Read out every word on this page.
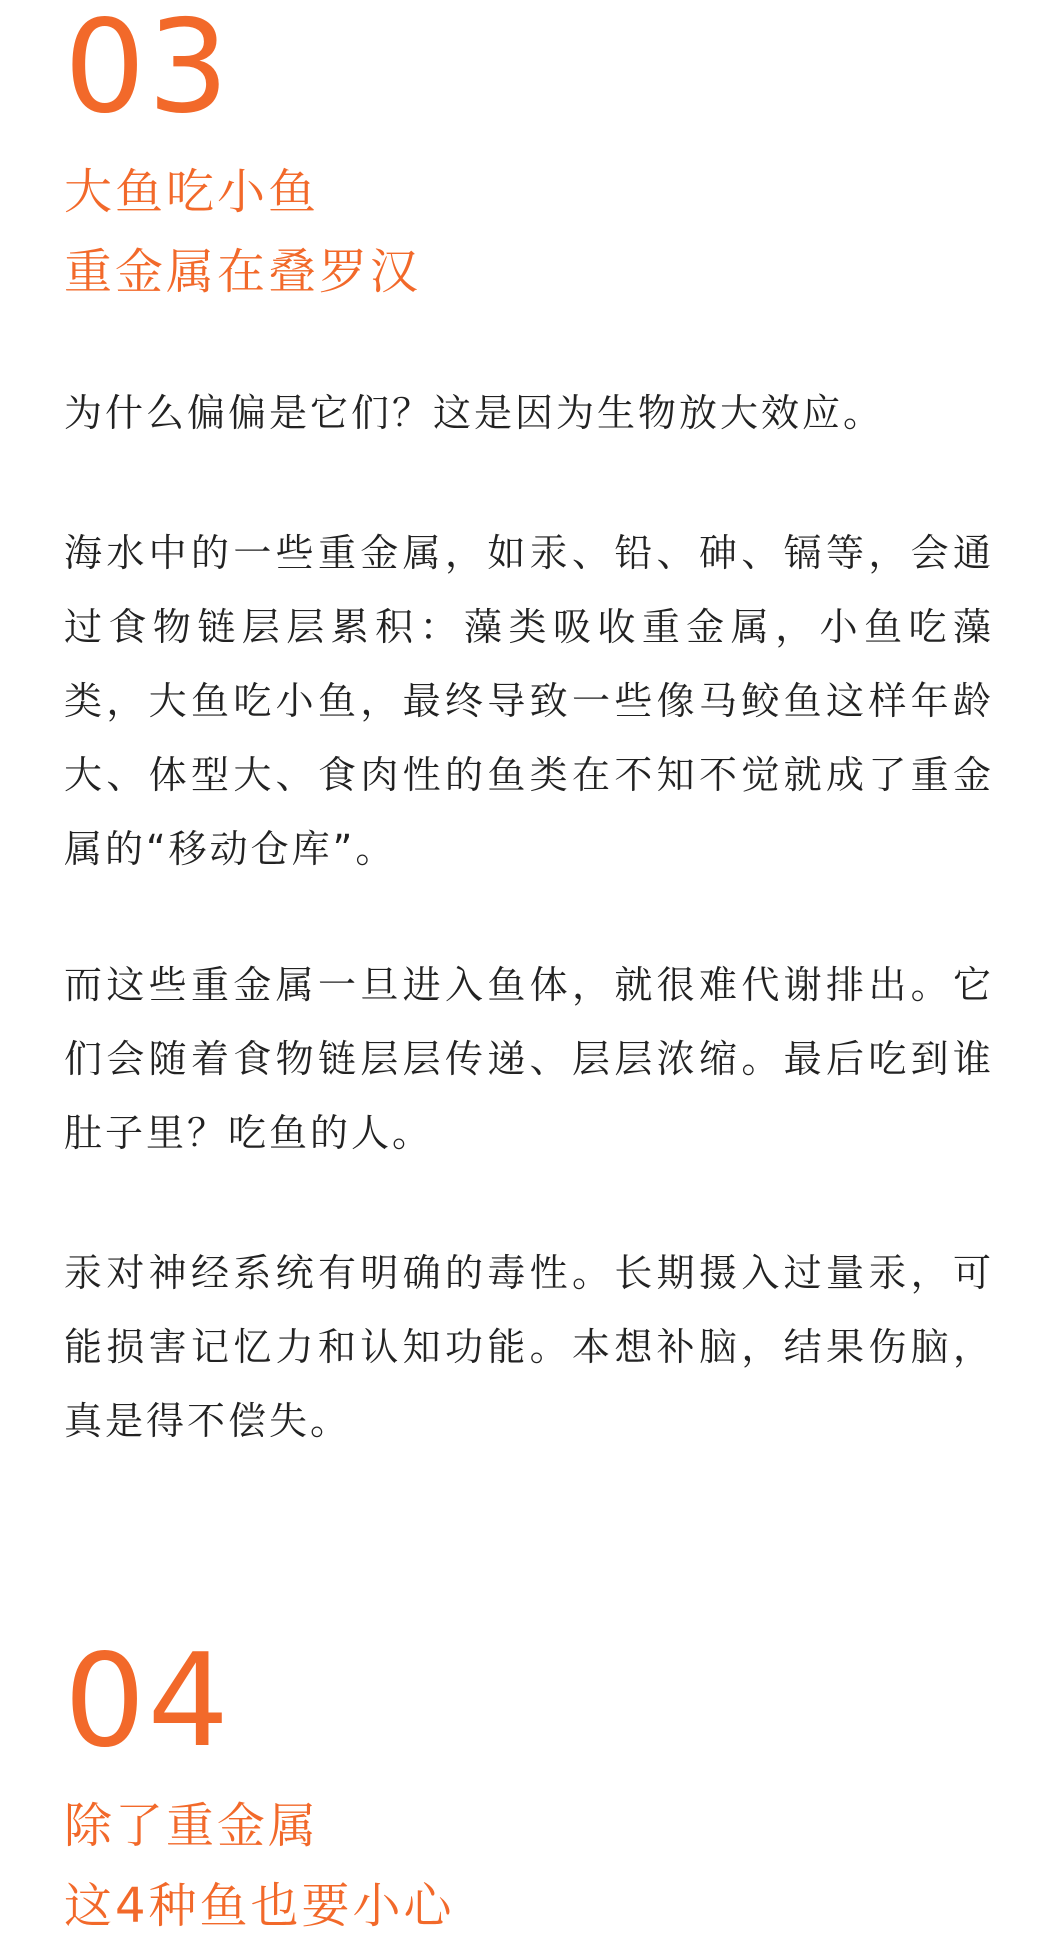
03
大鱼吃小鱼
重金属在叠罗汉
为什么偏偏是它们？这是因为生物放大效应。
海水中的一些重金属，如汞、铅、砷、镉等，会通过食物链层层累积：藻类吸收重金属，小鱼吃藻类，大鱼吃小鱼，最终导致一些像马鲛鱼这样年龄大、体型大、食肉性的鱼类在不知不觉就成了重金属的“移动仓库”。
而这些重金属一旦进入鱼体，就很难代谢排出。它们会随着食物链层层传递、层层浓缩。最后吃到谁肚子里？吃鱼的人。
汞对神经系统有明确的毒性。长期摄入过量汞，可能损害记忆力和认知功能。本想补脑，结果伤脑，真是得不偿失。
04
除了重金属
这4种鱼也要小心
